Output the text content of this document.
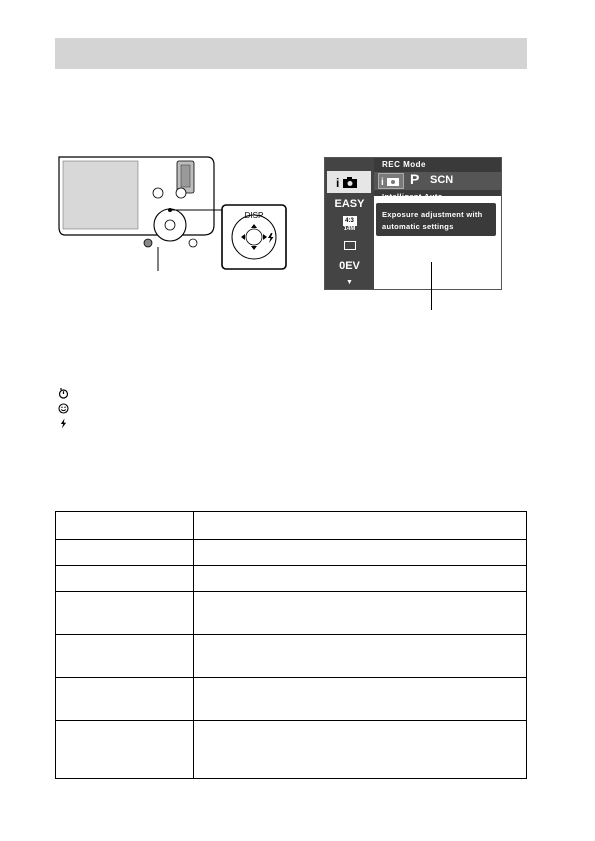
DISP
i
EASY
4:3
14M
0EV
▼
REC Mode
i P SCN
Intelligent Auto
Exposure adjustment with
automatic settings
